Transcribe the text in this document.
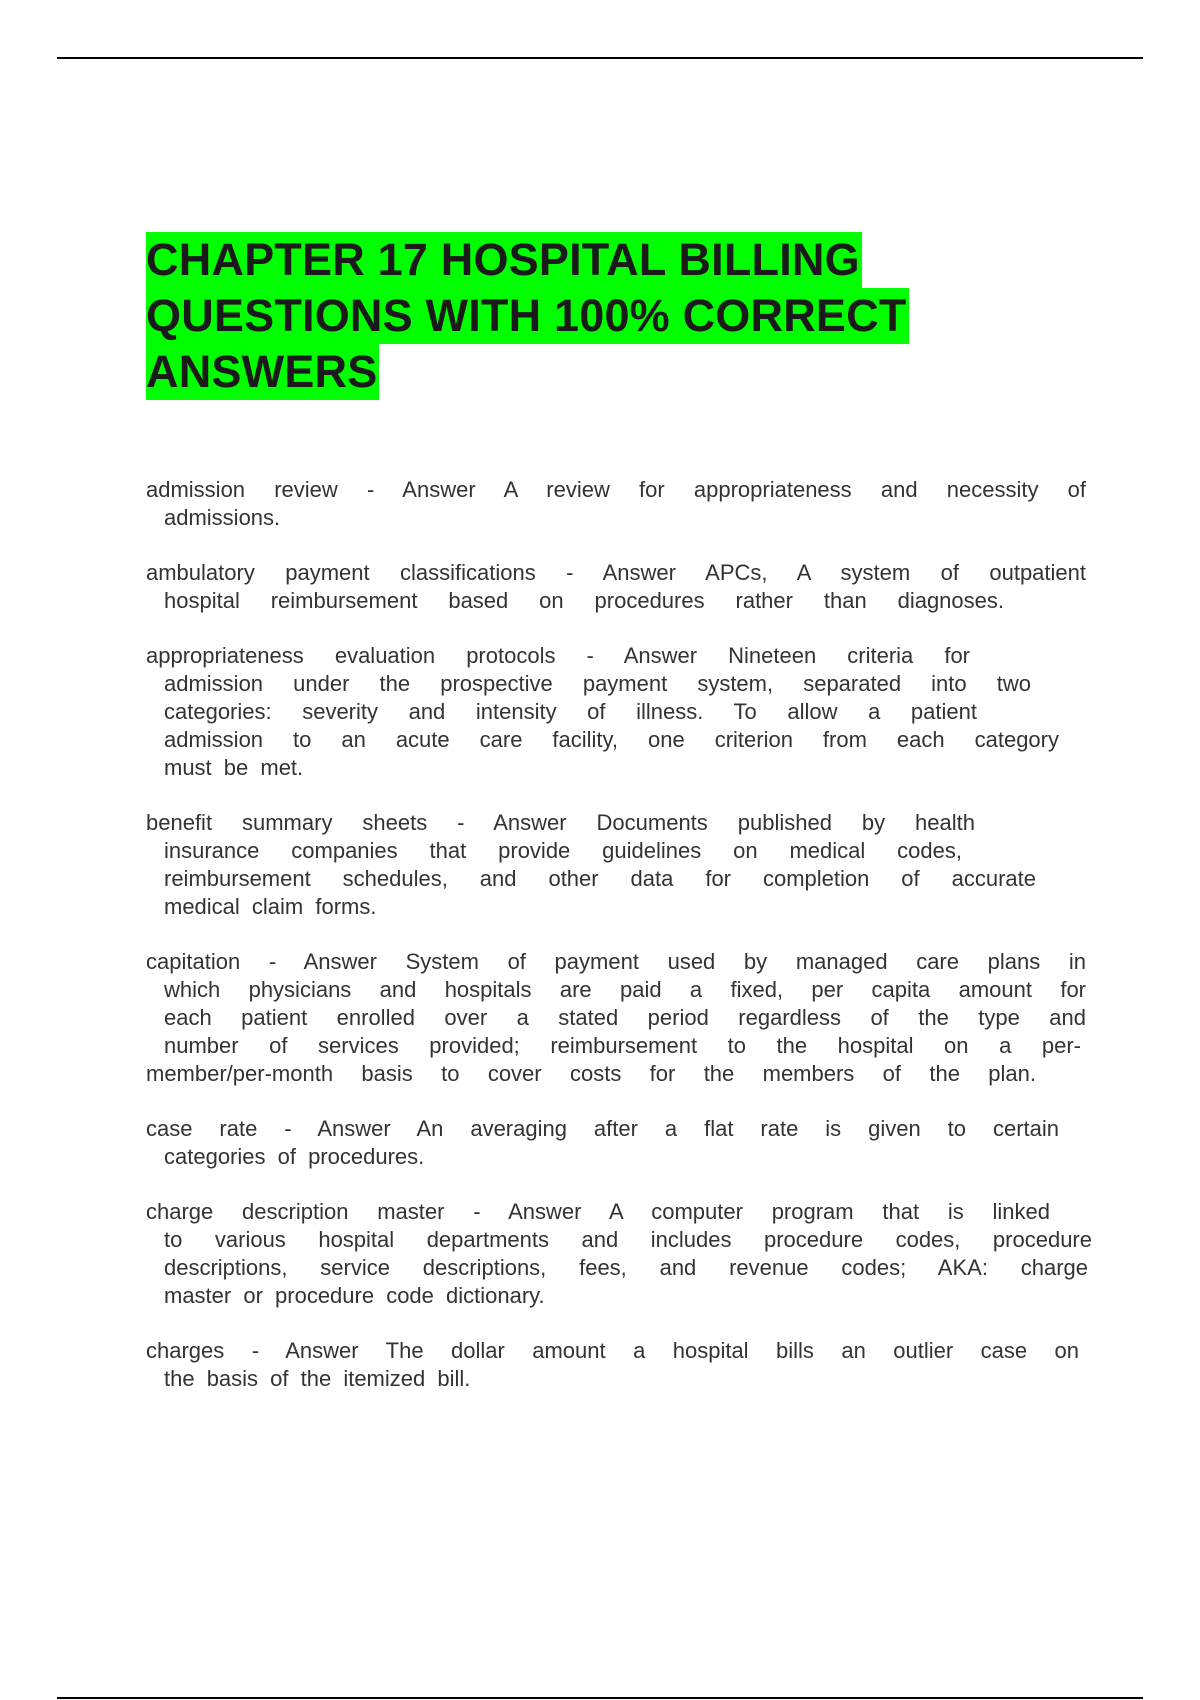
CHAPTER 17 HOSPITAL BILLING
QUESTIONS WITH 100% CORRECT
ANSWERS
admission review - Answer A review for appropriateness and necessity of
admissions.
ambulatory payment classifications - Answer APCs, A system of outpatient
hospital reimbursement based on procedures rather than diagnoses.
appropriateness evaluation protocols - Answer Nineteen criteria for
admission under the prospective payment system, separated into two
categories: severity and intensity of illness. To allow a patient
admission to an acute care facility, one criterion from each category
must be met.
benefit summary sheets - Answer Documents published by health
insurance companies that provide guidelines on medical codes,
reimbursement schedules, and other data for completion of accurate
medical claim forms.
capitation - Answer System of payment used by managed care plans in
which physicians and hospitals are paid a fixed, per capita amount for
each patient enrolled over a stated period regardless of the type and
number of services provided; reimbursement to the hospital on a per-
member/per-month basis to cover costs for the members of the plan.
case rate - Answer An averaging after a flat rate is given to certain
categories of procedures.
charge description master - Answer A computer program that is linked
to various hospital departments and includes procedure codes, procedure
descriptions, service descriptions, fees, and revenue codes; AKA: charge
master or procedure code dictionary.
charges - Answer The dollar amount a hospital bills an outlier case on
the basis of the itemized bill.
